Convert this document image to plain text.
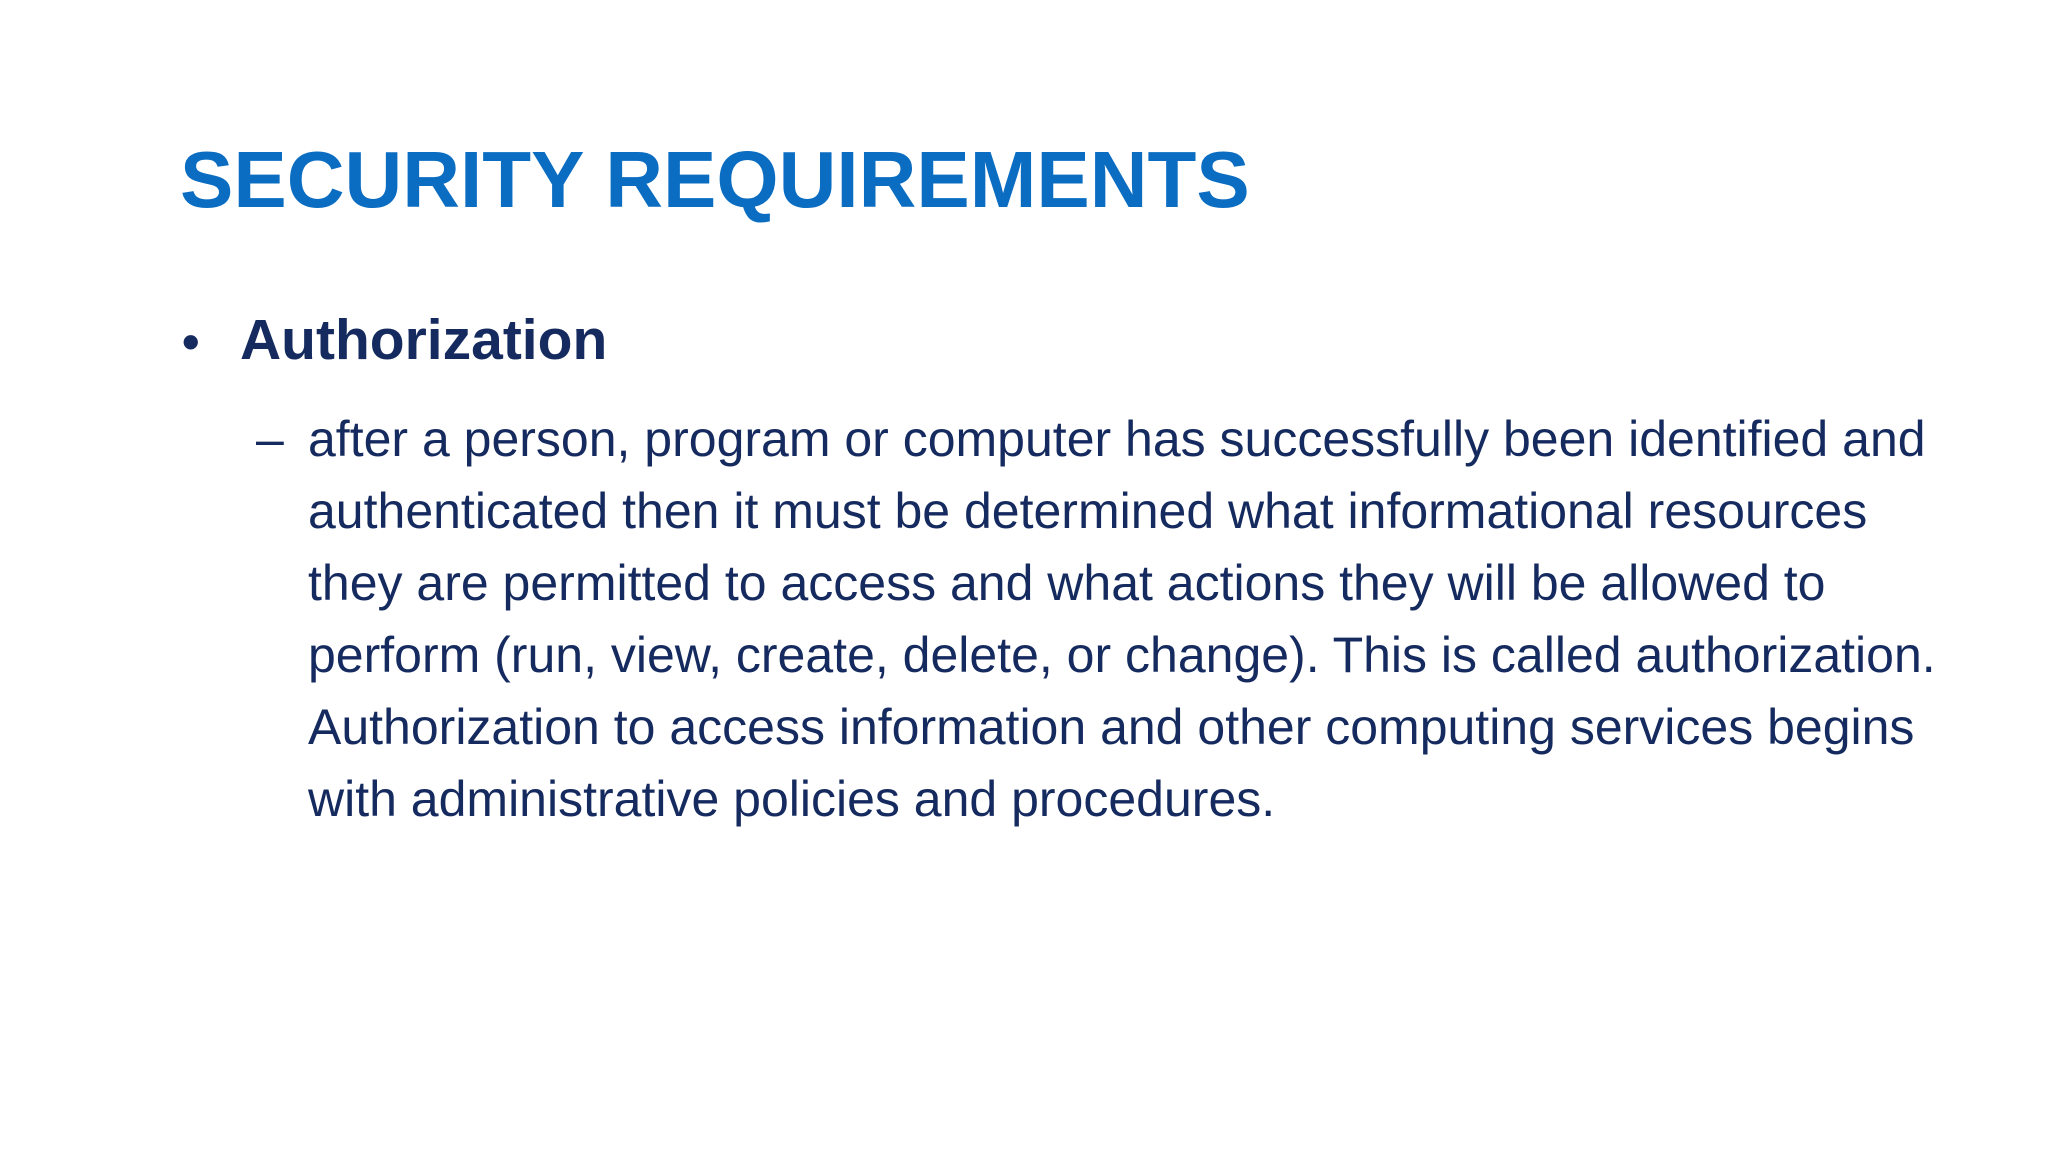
SECURITY REQUIREMENTS
• Authorization
– after a person, program or computer has successfully been identified and authenticated then it must be determined what informational resources they are permitted to access and what actions they will be allowed to perform (run, view, create, delete, or change). This is called authorization. Authorization to access information and other computing services begins with administrative policies and procedures.
